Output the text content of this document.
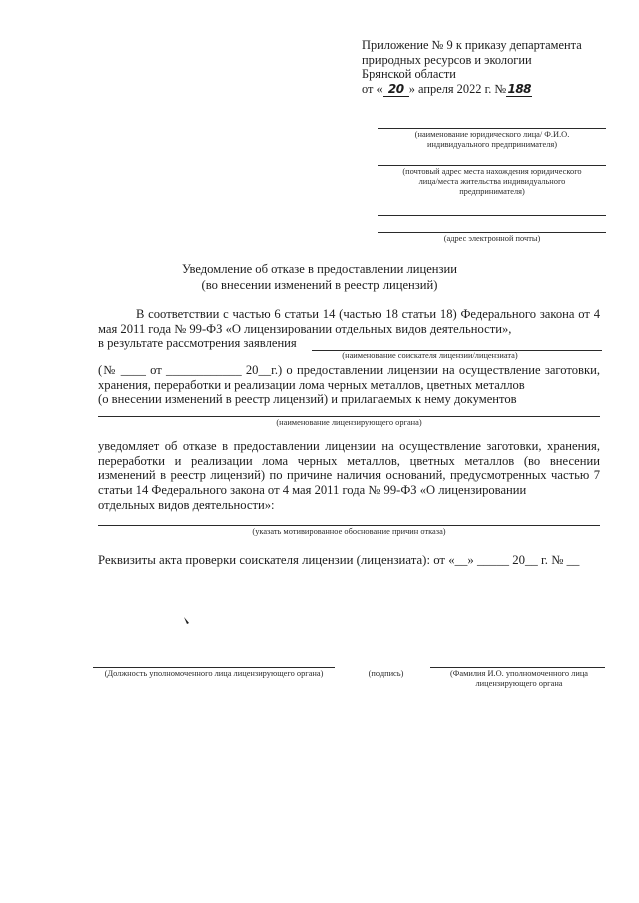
Приложение № 9 к приказу департамента
природных ресурсов и экологии
Брянской области
от « 20 » апреля 2022 г. №188
(наименование юридического лица/ Ф.И.О. индивидуального предпринимателя)
(почтовый адрес места нахождения юридического лица/места жительства индивидуального предпринимателя)
(адрес электронной почты)
Уведомление об отказе в предоставлении лицензии
(во внесении изменений в реестр лицензий)
В соответствии с частью 6 статьи 14 (частью 18 статьи 18) Федерального закона от 4 мая 2011 года № 99-ФЗ «О лицензировании отдельных видов деятельности»,
в результате рассмотрения заявления
(наименование соискателя лицензии/лицензиата)
(№ ____ от ____________ 20__г.) о предоставлении лицензии на осуществление заготовки, хранения, переработки и реализации лома черных металлов, цветных металлов
(о внесении изменений в реестр лицензий) и прилагаемых к нему документов
(наименование лицензирующего органа)
уведомляет об отказе в предоставлении лицензии на осуществление заготовки, хранения, переработки и реализации лома черных металлов, цветных металлов (во внесении изменений в реестр лицензий) по причине наличия оснований, предусмотренных частью 7 статьи 14 Федерального закона от 4 мая 2011 года № 99-ФЗ «О лицензировании
отдельных видов деятельности»:
(указать мотивированное обоснование причин отказа)
Реквизиты акта проверки соискателя лицензии (лицензиата): от «__» _____ 20__ г. № __
(Должность уполномоченного лица лицензирующего органа)	(подпись)	(Фамилия И.О. уполномоченного лица лицензирующего органа
